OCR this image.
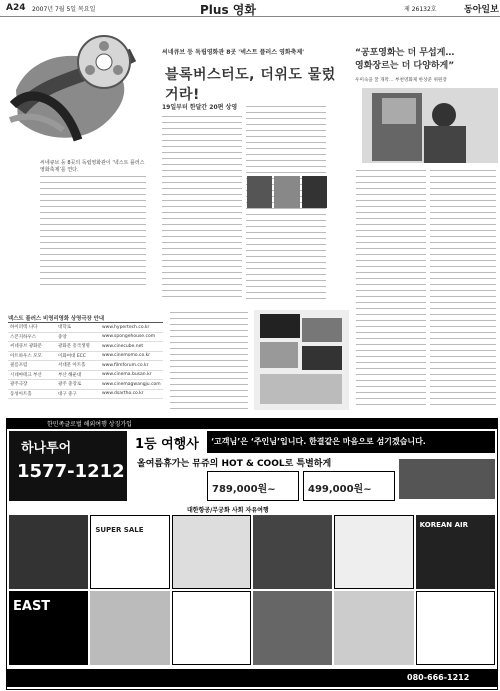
A24 2007년 7월 5일 목요일	Plus 영화	제 26132호	동아일보
씨네큐브 등 8곳의 독립영화관이 ‘넥스트 플러스 영화축제’를 연다.
씨네큐브 등 독립영화관 8곳 '넥스트 플러스 영화축제'
블록버스터도, 더위도 물렀거라!
19일부터 한달간 20편 상영
“공포영화는 더 무섭게…
영화장르는 더 다양하게”
우미숙을 꿀 개막… 부천영화제 한상준 위원장
넥스트 플러스 비영리영화 상영극장 안내
하이퍼텍 나다	대학로	www.hypertech.co.kr
스폰지하우스	중앙	www.spongehouse.com
씨네큐브 광화문	광화문 흥국생명	www.cinecube.net
아트하우스 모모	이화여대 ECC	www.cinemomo.co.kr
필름포럼	서대문 아트홀	www.filmforum.co.kr
시네마테크 부산	부산 해운대	www.cinema.busan.kr
광주극장	광주 충장로	www.cinemagwangju.com
동성아트홀	대구 중구	www.dsartho.co.kr
한민족글로벌 해외여행 상징가입
하나투어
1577-1212
1등 여행사	‘고객님’은 ‘주인님’입니다. 한결같은 마음으로 섬기겠습니다.
올여름휴가는 뮤쥬의 HOT & COOL로 특별하게
789,000원~	499,000원~
대한항공/무궁화 사회 자유여행
SUPER SALE
KOREAN AIR
EAST
080-666-1212
